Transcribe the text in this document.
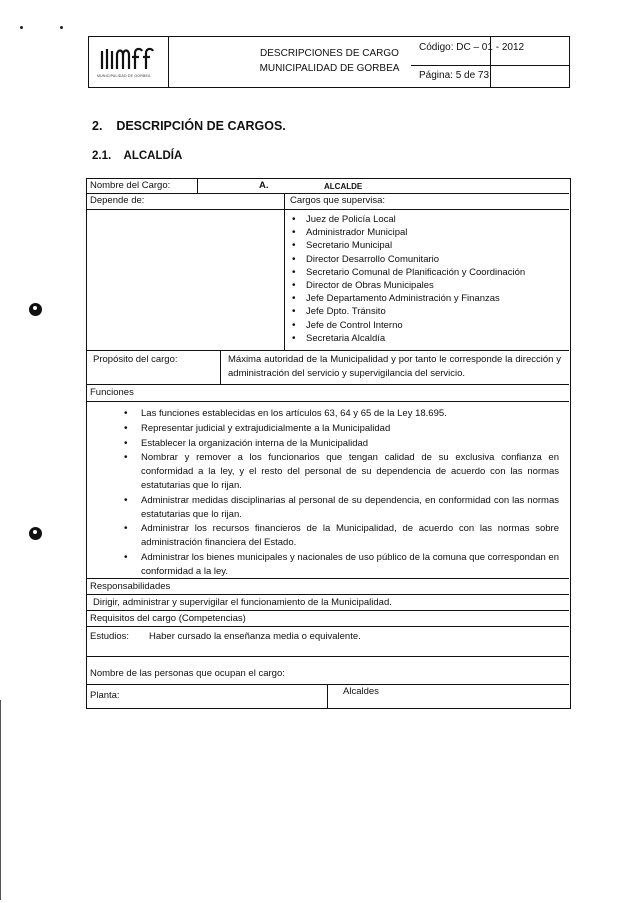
MUNICIPALIDAD DE GORBEA
DESCRIPCIONES DE CARGO
MUNICIPALIDAD DE GORBEA
Código: DC – 01 - 2012
Página: 5 de 73
2.    DESCRIPCIÓN DE CARGOS.
2.1.    ALCALDÍA
Nombre del Cargo:	A.	ALCALDE
Depende de:	Cargos que supervisa:
• Juez de Policía Local
• Administrador Municipal
• Secretario Municipal
• Director Desarrollo Comunitario
• Secretario Comunal de Planificación y Coordinación
• Director de Obras Municipales
• Jefe Departamento Administración y Finanzas
• Jefe Dpto. Tránsito
• Jefe de Control Interno
• Secretaria Alcaldía
Propósito del cargo:	Máxima autoridad de la Municipalidad y por tanto le corresponde la dirección y administración del servicio y supervigilancia del servicio.
Funciones
• Las funciones establecidas en los artículos 63, 64 y 65 de la Ley 18.695.
• Representar judicial y extrajudicialmente a la Municipalidad
• Establecer la organización interna de la Municipalidad
• Nombrar y remover a los funcionarios que tengan calidad de su exclusiva confianza en conformidad a la ley, y el resto del personal de su dependencia de acuerdo con las normas estatutarias que lo rijan.
• Administrar medidas disciplinarias al personal de su dependencia, en conformidad con las normas estatutarias que lo rijan.
• Administrar los recursos financieros de la Municipalidad, de acuerdo con las normas sobre administración financiera del Estado.
• Administrar los bienes municipales y nacionales de uso público de la comuna que correspondan en conformidad a la ley.
Responsabilidades
Dirigir, administrar y supervigilar el funcionamiento de la Municipalidad.
Requisitos del cargo (Competencias)
Estudios: Haber cursado la enseñanza media o equivalente.
Nombre de las personas que ocupan el cargo:
Planta:	Alcaldes
